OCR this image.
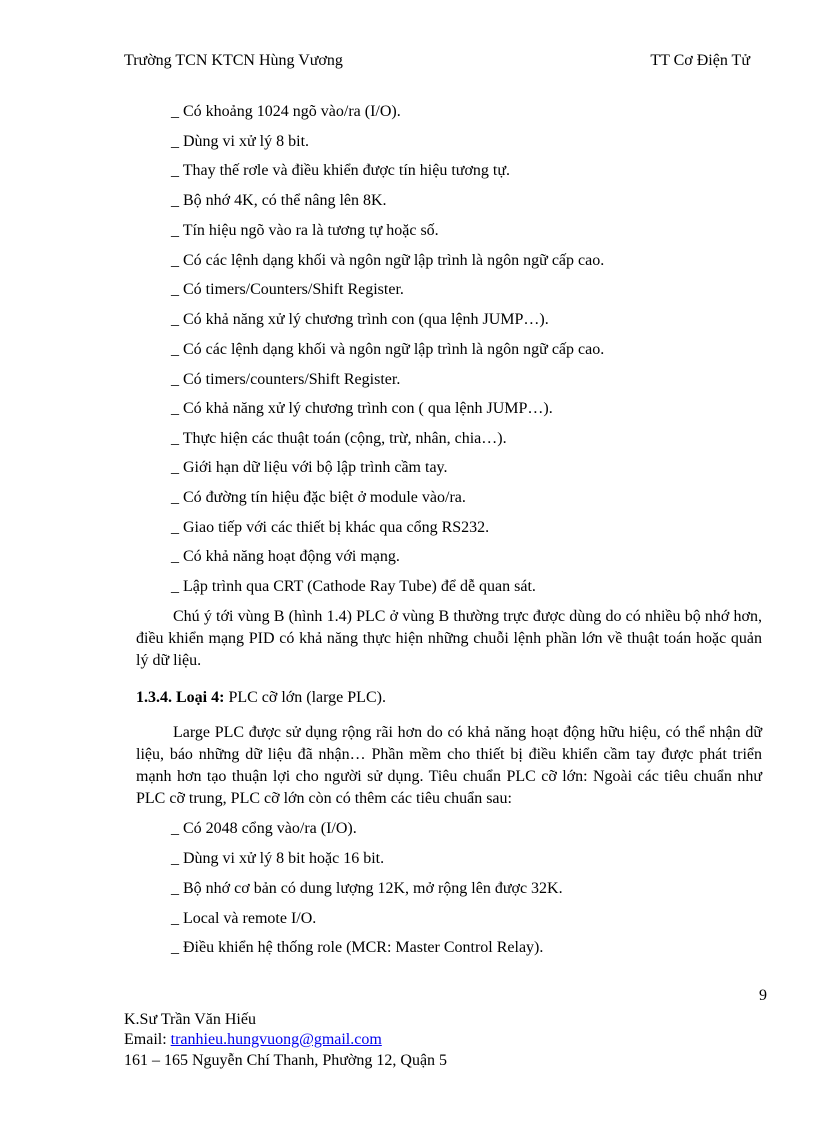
Trường TCN KTCN Hùng Vương	TT Cơ Điện Tử
_ Có khoảng 1024 ngõ vào/ra (I/O).
_ Dùng vi xử lý 8 bit.
_ Thay thế rơle và điều khiển được tín hiệu tương tự.
_ Bộ nhớ 4K, có thể nâng lên 8K.
_ Tín hiệu ngõ vào ra là tương tự hoặc số.
_ Có các lệnh dạng khối và ngôn ngữ lập trình là ngôn ngữ cấp cao.
_ Có timers/Counters/Shift Register.
_ Có khả năng xử lý chương trình con (qua lệnh JUMP…).
_ Có các lệnh dạng khối và ngôn ngữ lập trình là ngôn ngữ cấp cao.
_ Có timers/counters/Shift Register.
_ Có khả năng xử lý chương trình con ( qua lệnh JUMP…).
_ Thực hiện các thuật toán (cộng, trừ, nhân, chia…).
_ Giới hạn dữ liệu với bộ lập trình cầm tay.
_ Có đường tín hiệu đặc biệt ở module vào/ra.
_ Giao tiếp với các thiết bị khác qua cổng RS232.
_ Có khả năng hoạt động với mạng.
_ Lập trình qua CRT (Cathode Ray Tube) để dễ quan sát.
Chú ý tới vùng B (hình 1.4) PLC ở vùng B thường trực được dùng do có nhiều bộ nhớ hơn, điều khiển mạng PID có khả năng thực hiện những chuỗi lệnh phần lớn về thuật toán hoặc quản lý dữ liệu.
1.3.4. Loại 4: PLC cỡ lớn (large PLC).
Large PLC được sử dụng rộng rãi hơn do có khả năng hoạt động hữu hiệu, có thể nhận dữ liệu, báo những dữ liệu đã nhận… Phần mềm cho thiết bị điều khiển cầm tay được phát triển mạnh hơn tạo thuận lợi cho người sử dụng. Tiêu chuẩn PLC cỡ lớn: Ngoài các tiêu chuẩn như PLC cỡ trung, PLC cỡ lớn còn có thêm các tiêu chuẩn sau:
_ Có 2048 cổng vào/ra (I/O).
_ Dùng vi xử lý 8 bit hoặc 16 bit.
_ Bộ nhớ cơ bản có dung lượng 12K, mở rộng lên được 32K.
_ Local và remote I/O.
_ Điều khiển hệ thống role (MCR: Master Control Relay).
9
K.Sư Trần Văn Hiếu
Email: tranhieu.hungvuong@gmail.com
161 – 165 Nguyễn Chí Thanh, Phường 12, Quận 5
